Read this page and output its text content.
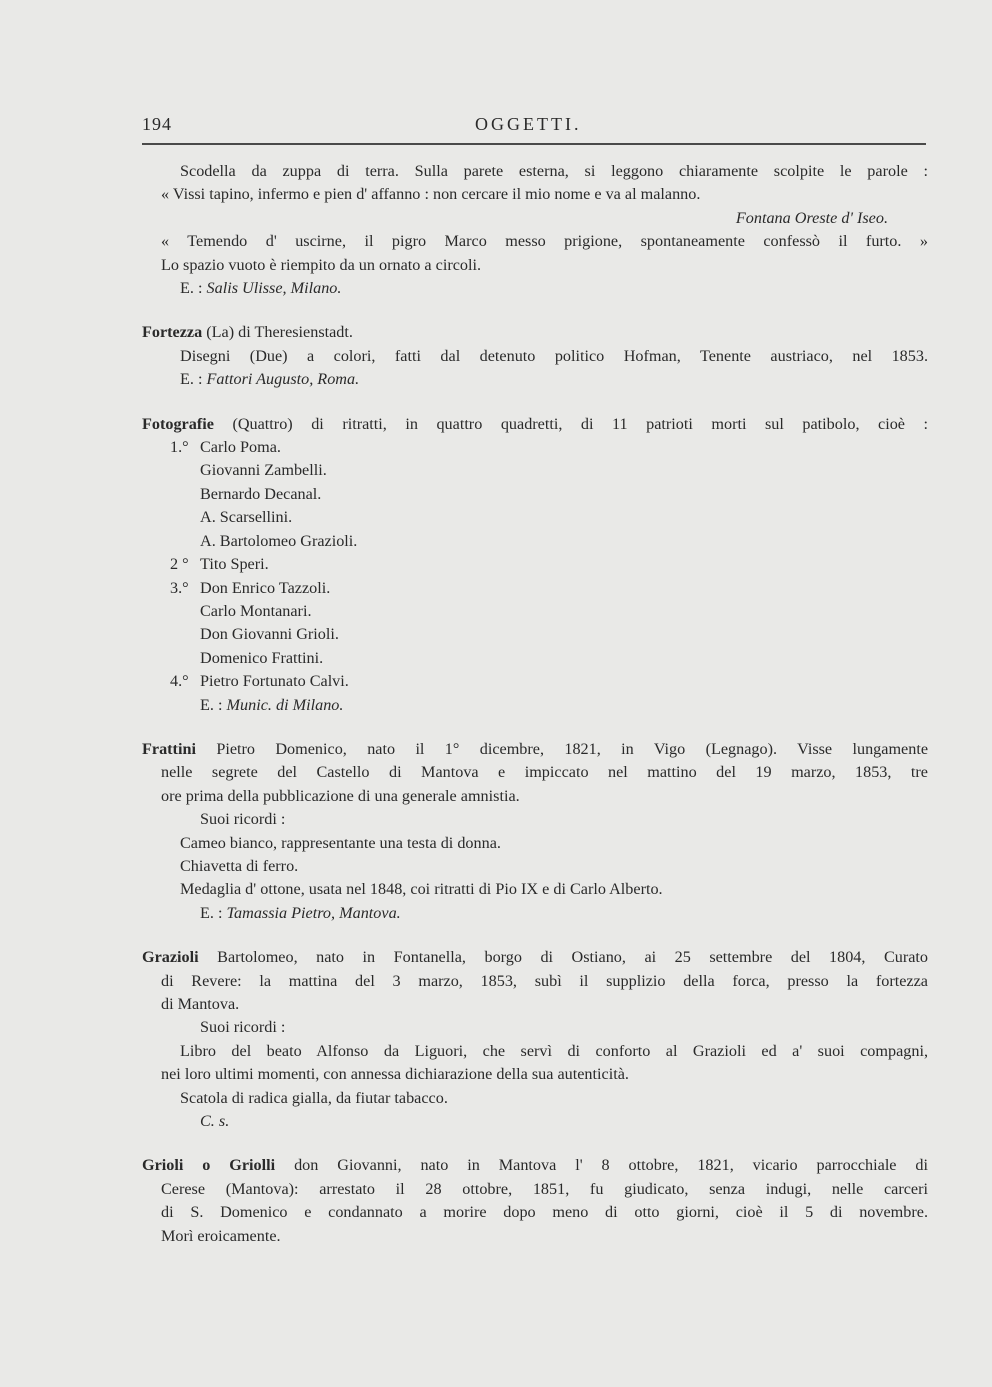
194	OGGETTI.
Scodella da zuppa di terra. Sulla parete esterna, si leggono chiaramente scolpite le parole :
« Vissi tapino, infermo e pien d' affanno : non cercare il mio nome e va al malanno.
Fontana Oreste d' Iseo.
« Temendo d' uscirne, il pigro Marco messo prigione, spontaneamente confessò il furto. »
Lo spazio vuoto è riempito da un ornato a circoli.
E. : Salis Ulisse, Milano.
Fortezza (La) di Theresienstadt.
Disegni (Due) a colori, fatti dal detenuto politico Hofman, Tenente austriaco, nel 1853.
E. : Fattori Augusto, Roma.
Fotografie (Quattro) di ritratti, in quattro quadretti, di 11 patrioti morti sul patibolo, cioè :
1.° Carlo Poma.
Giovanni Zambelli.
Bernardo Decanal.
A. Scarsellini.
A. Bartolomeo Grazioli.
2 ° Tito Speri.
3.° Don Enrico Tazzoli.
Carlo Montanari.
Don Giovanni Grioli.
Domenico Frattini.
4.° Pietro Fortunato Calvi.
E. : Munic. di Milano.
Frattini Pietro Domenico, nato il 1° dicembre, 1821, in Vigo (Legnago). Visse lungamente
nelle segrete del Castello di Mantova e impiccato nel mattino del 19 marzo, 1853, tre
ore prima della pubblicazione di una generale amnistia.
Suoi ricordi :
Cameo bianco, rappresentante una testa di donna.
Chiavetta di ferro.
Medaglia d' ottone, usata nel 1848, coi ritratti di Pio IX e di Carlo Alberto.
E. : Tamassia Pietro, Mantova.
Grazioli Bartolomeo, nato in Fontanella, borgo di Ostiano, ai 25 settembre del 1804, Curato
di Revere: la mattina del 3 marzo, 1853, subì il supplizio della forca, presso la fortezza
di Mantova.
Suoi ricordi :
Libro del beato Alfonso da Liguori, che servì di conforto al Grazioli ed a' suoi compagni,
nei loro ultimi momenti, con annessa dichiarazione della sua autenticità.
Scatola di radica gialla, da fiutar tabacco.
C. s.
Grioli o Griolli don Giovanni, nato in Mantova l' 8 ottobre, 1821, vicario parrocchiale di
Cerese (Mantova): arrestato il 28 ottobre, 1851, fu giudicato, senza indugi, nelle carceri
di S. Domenico e condannato a morire dopo meno di otto giorni, cioè il 5 di novembre.
Morì eroicamente.
